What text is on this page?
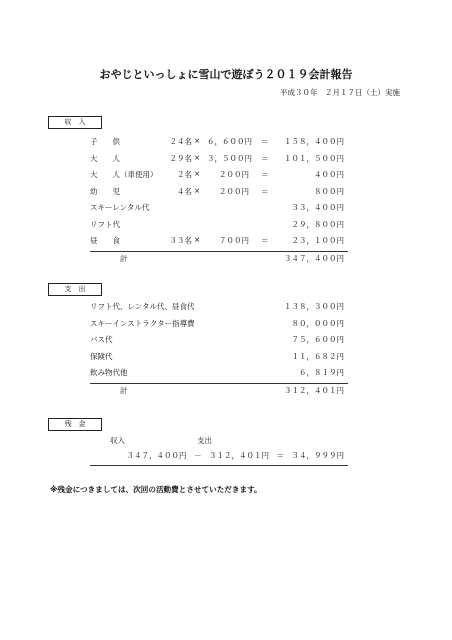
おやじといっしょに雪山で遊ぼう２０１９会計報告
平成３０年　２月１７日（土）実施
収　入
子　　供	２４名 × ６，６００円 ＝ １５８，４００円
大　　人	２９名 × ３，５００円 ＝ １０１，５００円
大　　人（車使用）	２名 ×	２００円 ＝	４００円
幼　　児	４名 ×	２００円 ＝	８００円
スキーレンタル代	３３，４００円
リフト代	２９，８００円
昼　　食	３３名 ×	７００円 ＝	２３，１００円
計	３４７，４００円
支　出
リフト代、レンタル代、昼食代	１３８，３００円
スキーインストラクター指導費	８０，０００円
バス代	７５，６００円
保険代	１１，６８２円
飲み物代他	６，８１９円
計	３１２，４０１円
残　金
収入	支出
３４７，４００円　－　３１２，４０１円　＝　３４，９９９円
※残金につきましては、次回の活動費とさせていただきます。
